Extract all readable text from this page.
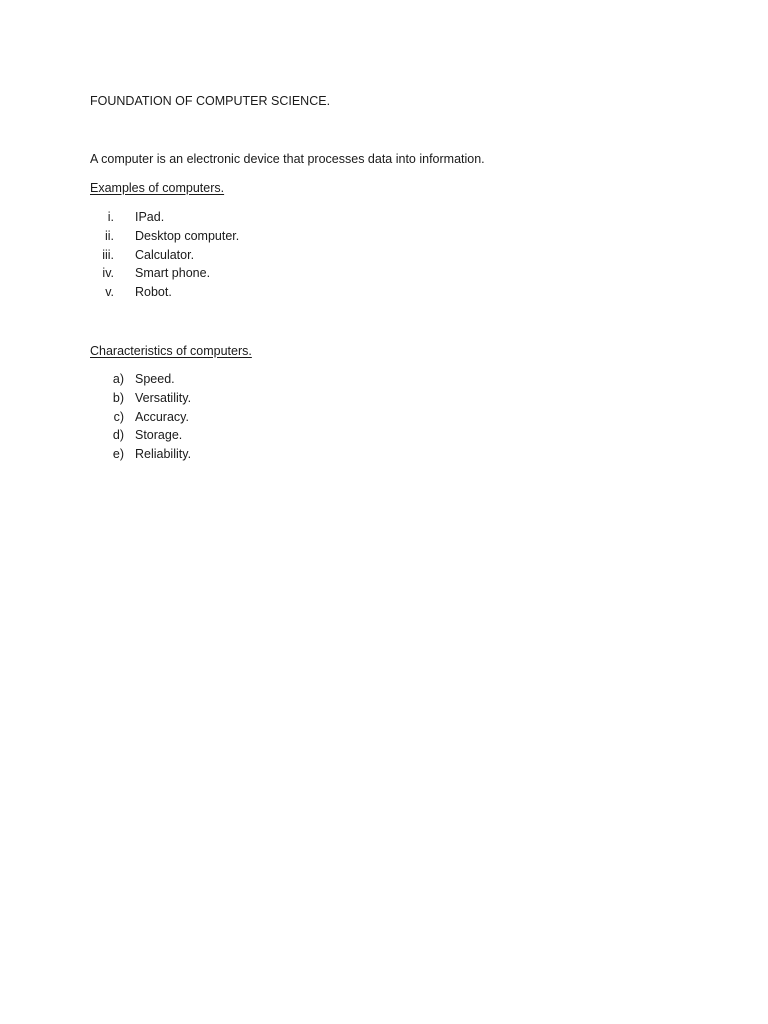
FOUNDATION OF COMPUTER SCIENCE.
A computer is an electronic device that processes data into information.
Examples of computers.
i. IPad.
ii. Desktop computer.
iii. Calculator.
iv. Smart phone.
v. Robot.
Characteristics of computers.
a) Speed.
b) Versatility.
c) Accuracy.
d) Storage.
e) Reliability.
